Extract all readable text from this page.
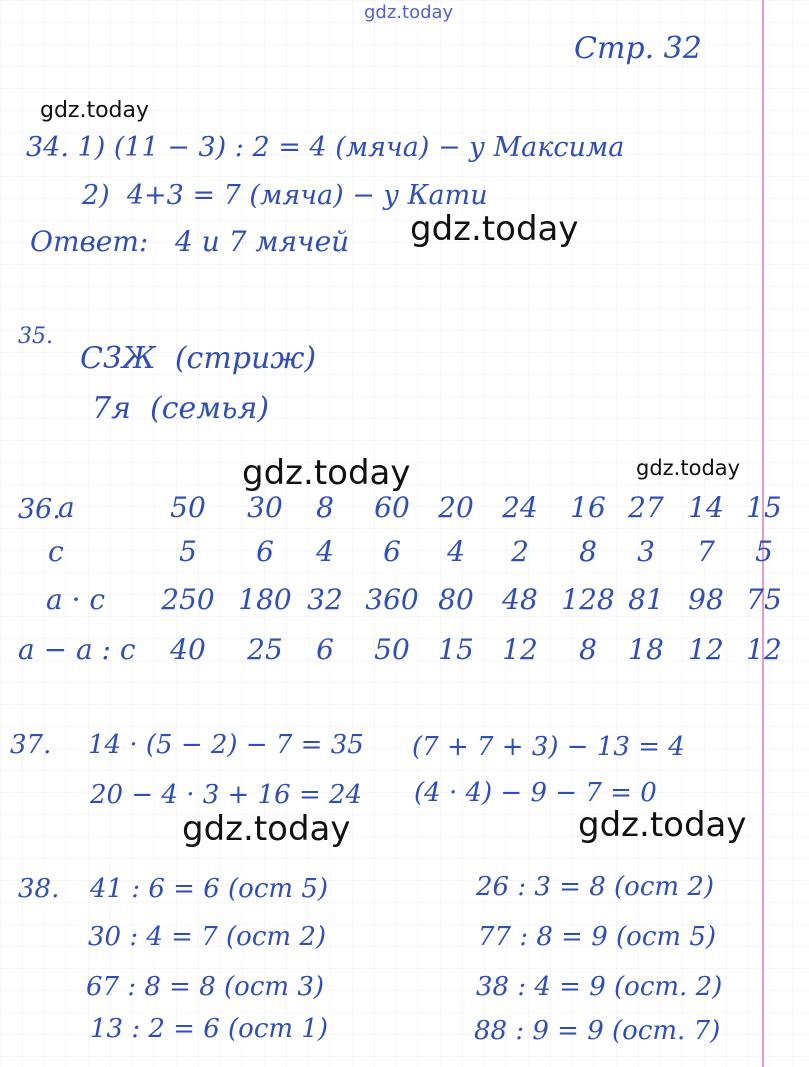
gdz.today
gdz.today
gdz.today
gdz.today	gdz.today
gdz.today	gdz.today
Стр. 32
34. 1) (11 − 3) : 2 = 4 (мяча) − у Максима
2)  4+3 = 7 (мяча) − у Кати
Ответ:   4 и 7 мячей
35.
С3Ж  (стриж)
7я  (семья)
36.
a	50	30	8	60	20	24	16 27 14 15
c	5	6	4	6	4	2	8	3	7	5
a · c 250 180 32 360 80	48 128 81 98 75
a − a : c	40	25	6	50	15	12	8	18 12 12
37. 14 · (5 − 2) − 7 = 35
20 − 4 · 3 + 16 = 24
(7 + 7 + 3) − 13 = 4
(4 · 4) − 9 − 7 = 0
38. 41 : 6 = 6 (ост 5)
30 : 4 = 7 (ост 2)
67 : 8 = 8 (ост 3)
13 : 2 = 6 (ост 1)
26 : 3 = 8 (ост 2)
77 : 8 = 9 (ост 5)
38 : 4 = 9 (ост. 2)
88 : 9 = 9 (ост. 7)
